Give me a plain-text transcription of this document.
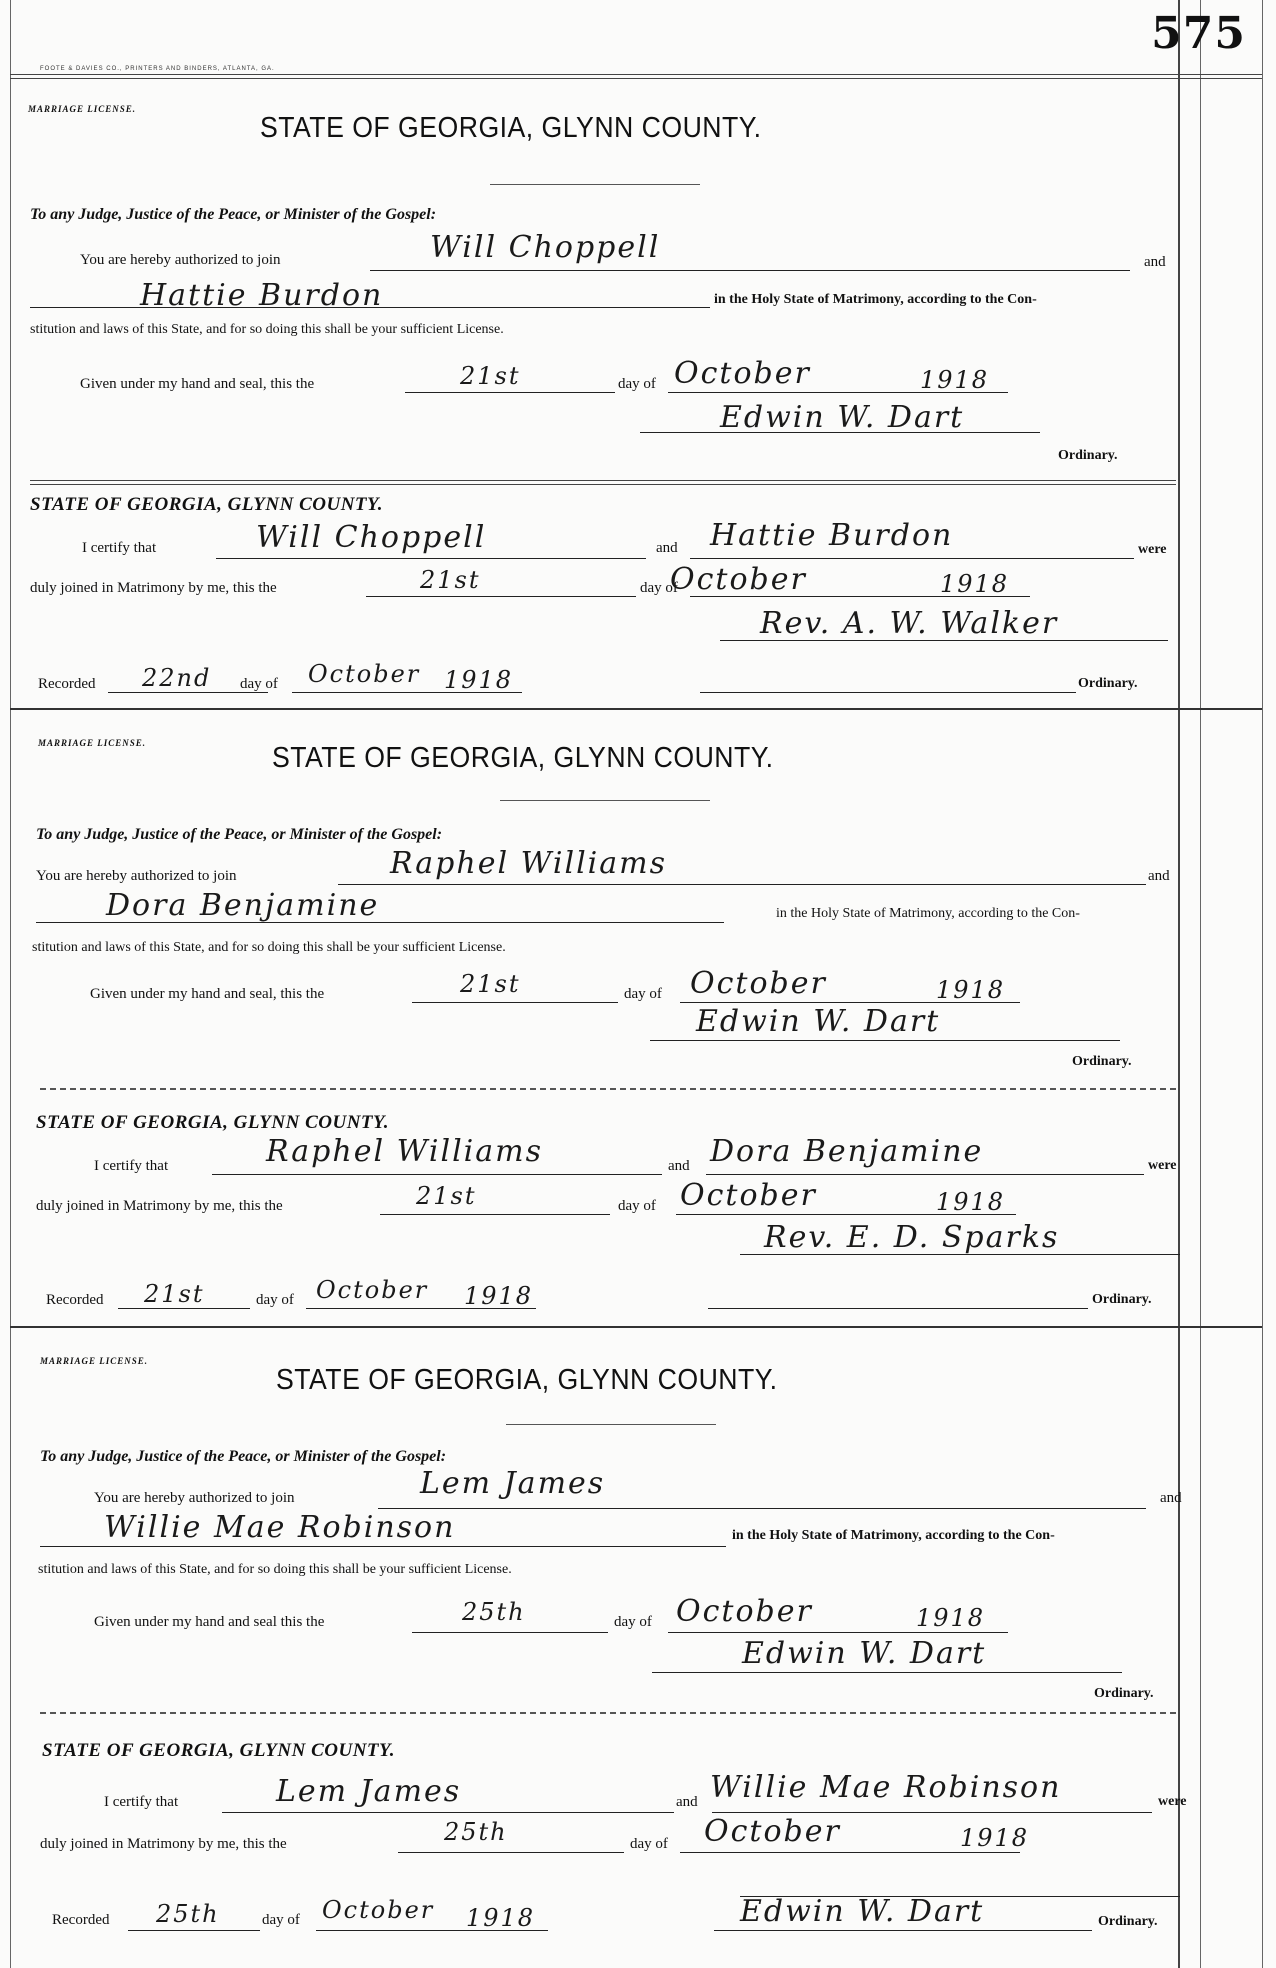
575
FOOTE & DAVIES CO., PRINTERS AND BINDERS, ATLANTA, GA.
MARRIAGE LICENSE.
STATE OF GEORGIA, GLYNN COUNTY.
To any Judge, Justice of the Peace, or Minister of the Gospel:
You are hereby authorized to join	Will Choppell	and
Hattie Burdon	in the Holy State of Matrimony, according to the Con-
stitution and laws of this State, and for so doing this shall be your sufficient License.
Given under my hand and seal, this the	21st	day of October	1918
Edwin W. Dart
Ordinary.
STATE OF GEORGIA, GLYNN COUNTY.
I certify that	Will Choppell	and Hattie Burdon	were
duly joined in Matrimony by me, this the	21st	day of
October	1918
Rev. A. W. Walker
Recorded 22nd day of October 1918	Ordinary.
MARRIAGE LICENSE.	STATE OF GEORGIA, GLYNN COUNTY.
To any Judge, Justice of the Peace, or Minister of the Gospel:
You are hereby authorized to join	Raphel Williams	and
Dora Benjamine	in the Holy State of Matrimony, according to the Con-
stitution and laws of this State, and for so doing this shall be your sufficient License.
Given under my hand and seal, this the	21st	day of October	1918
Edwin W. Dart
Ordinary.
STATE OF GEORGIA, GLYNN COUNTY.
I certify that	Raphel Williams	and Dora Benjamine	were
duly joined in Matrimony by me, this the	21st	day of October	1918
Rev. E. D. Sparks
Recorded 21st	day of October 1918	Ordinary.
MARRIAGE LICENSE.
STATE OF GEORGIA, GLYNN COUNTY.
To any Judge, Justice of the Peace, or Minister of the Gospel:
You are hereby authorized to join	Lem James	and
Willie Mae Robinson	in the Holy State of Matrimony, according to the Con-
stitution and laws of this State, and for so doing this shall be your sufficient License.
Given under my hand and seal this the	25th	day of October	1918
Edwin W. Dart
Ordinary.
STATE OF GEORGIA, GLYNN COUNTY.
I certify that	Lem James	and Willie Mae Robinson	were
duly joined in Matrimony by me, this the	25th	day of October	1918
Recorded 25th	day of October 1918	Edwin W. Dart	Ordinary.
